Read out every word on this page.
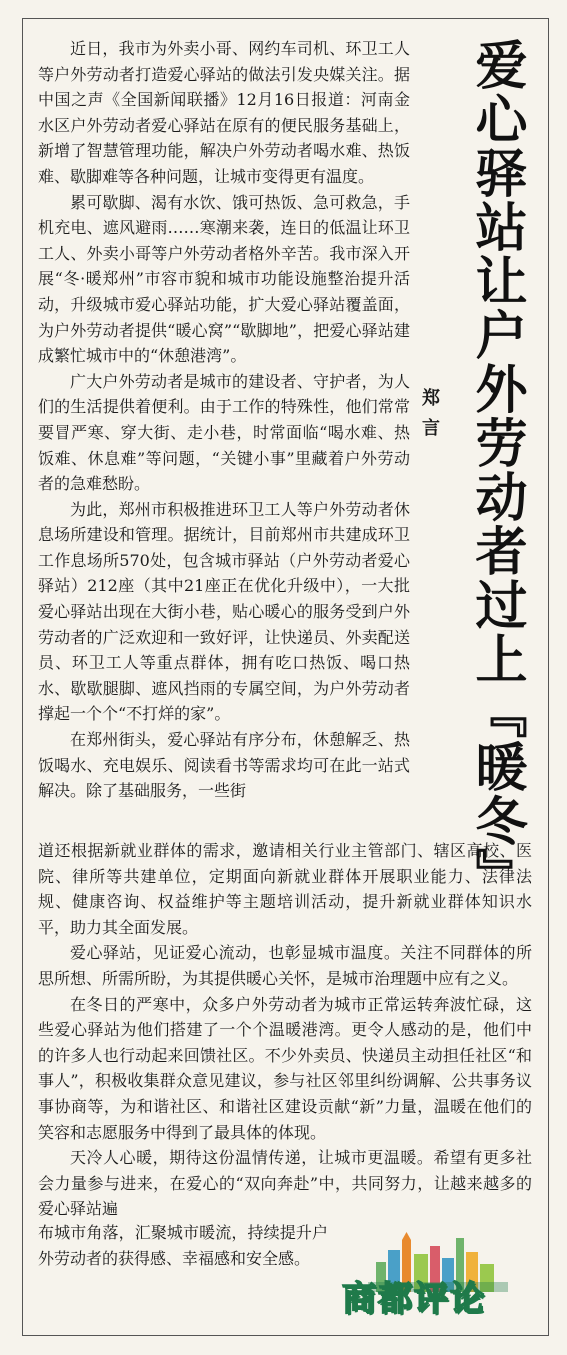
爱心驿站让户外劳动者过上『暖冬』
郑言

近日，我市为外卖小哥、网约车司机、环卫工人等户外劳动者打造爱心驿站的做法引发央媒关注。据中国之声《全国新闻联播》12月16日报道：河南金水区户外劳动者爱心驿站在原有的便民服务基础上，新增了智慧管理功能，解决户外劳动者喝水难、热饭难、歇脚难等各种问题，让城市变得更有温度。

累可歇脚、渴有水饮、饿可热饭、急可救急，手机充电、遮风避雨……寒潮来袭，连日的低温让环卫工人、外卖小哥等户外劳动者格外辛苦。我市深入开展“冬·暖郑州”市容市貌和城市功能设施整治提升活动，升级城市爱心驿站功能，扩大爱心驿站覆盖面，为户外劳动者提供“暖心窝”“歇脚地”，把爱心驿站建成繁忙城市中的“休憩港湾”。

广大户外劳动者是城市的建设者、守护者，为人们的生活提供着便利。由于工作的特殊性，他们常常要冒严寒、穿大街、走小巷，时常面临“喝水难、热饭难、休息难”等问题，“关键小事”里藏着户外劳动者的急难愁盼。

为此，郑州市积极推进环卫工人等户外劳动者休息场所建设和管理。据统计，目前郑州市共建成环卫工作息场所570处，包含城市驿站（户外劳动者爱心驿站）212座（其中21座正在优化升级中），一大批爱心驿站出现在大街小巷，贴心暖心的服务受到户外劳动者的广泛欢迎和一致好评，让快递员、外卖配送员、环卫工人等重点群体，拥有吃口热饭、喝口热水、歇歇腿脚、遮风挡雨的专属空间，为户外劳动者撑起一个个“不打烊的家”。

在郑州街头，爱心驿站有序分布，休憩解乏、热饭喝水、充电娱乐、阅读看书等需求均可在此一站式解决。除了基础服务，一些街

道还根据新就业群体的需求，邀请相关行业主管部门、辖区高校、医院、律所等共建单位，定期面向新就业群体开展职业能力、法律法规、健康咨询、权益维护等主题培训活动，提升新就业群体知识水平，助力其全面发展。

爱心驿站，见证爱心流动，也彰显城市温度。关注不同群体的所思所想、所需所盼，为其提供暖心关怀，是城市治理题中应有之义。

在冬日的严寒中，众多户外劳动者为城市正常运转奔波忙碌，这些爱心驿站为他们搭建了一个个温暖港湾。更令人感动的是，他们中的许多人也行动起来回馈社区。不少外卖员、快递员主动担任社区“和事人”，积极收集群众意见建议，参与社区邻里纠纷调解、公共事务议事协商等，为和谐社区、和谐社区建设贡献“新”力量，温暖在他们的笑容和志愿服务中得到了最具体的体现。

天冷人心暖，期待这份温情传递，让城市更温暖。希望有更多社会力量参与进来，在爱心的“双向奔赴”中，共同努力，让越来越多的爱心驿站遍

布城市角落，汇聚城市暖流，持续提升户外劳动者的获得感、幸福感和安全感。

商都评论
